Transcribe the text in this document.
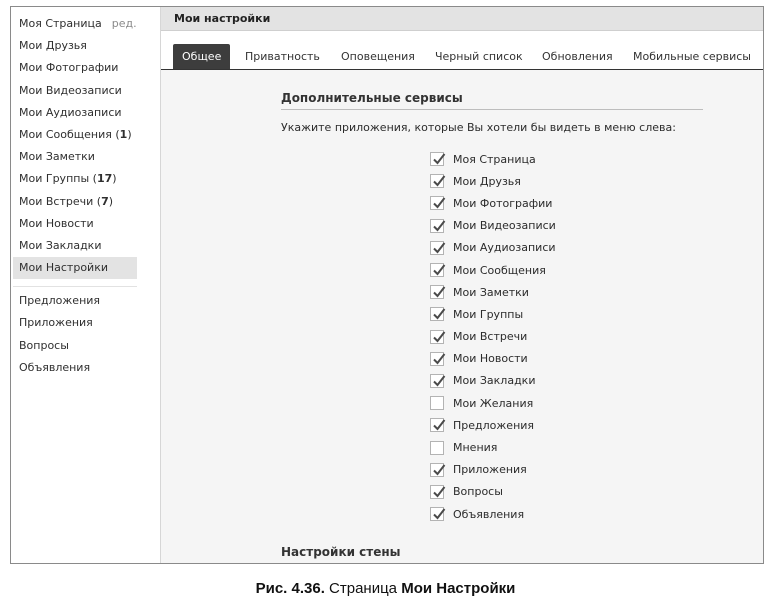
Моя Страница ред.
Мои Друзья
Мои Фотографии
Мои Видеозаписи
Мои Аудиозаписи
Мои Сообщения (1)
Мои Заметки
Мои Группы (17)
Мои Встречи (7)
Мои Новости
Мои Закладки
Мои Настройки
Предложения
Приложения
Вопросы
Объявления
Мои настройки
Общее	Приватность Оповещения Черный список Обновления Мобильные сервисы
Дополнительные сервисы
Укажите приложения, которые Вы хотели бы видеть в меню слева:
Моя Страница
Мои Друзья
Мои Фотографии
Мои Видеозаписи
Мои Аудиозаписи
Мои Сообщения
Мои Заметки
Мои Группы
Мои Встречи
Мои Новости
Мои Закладки
Мои Желания
Предложения
Мнения
Приложения
Вопросы
Объявления
Настройки стены
Рис. 4.36. Страница Мои Настройки
